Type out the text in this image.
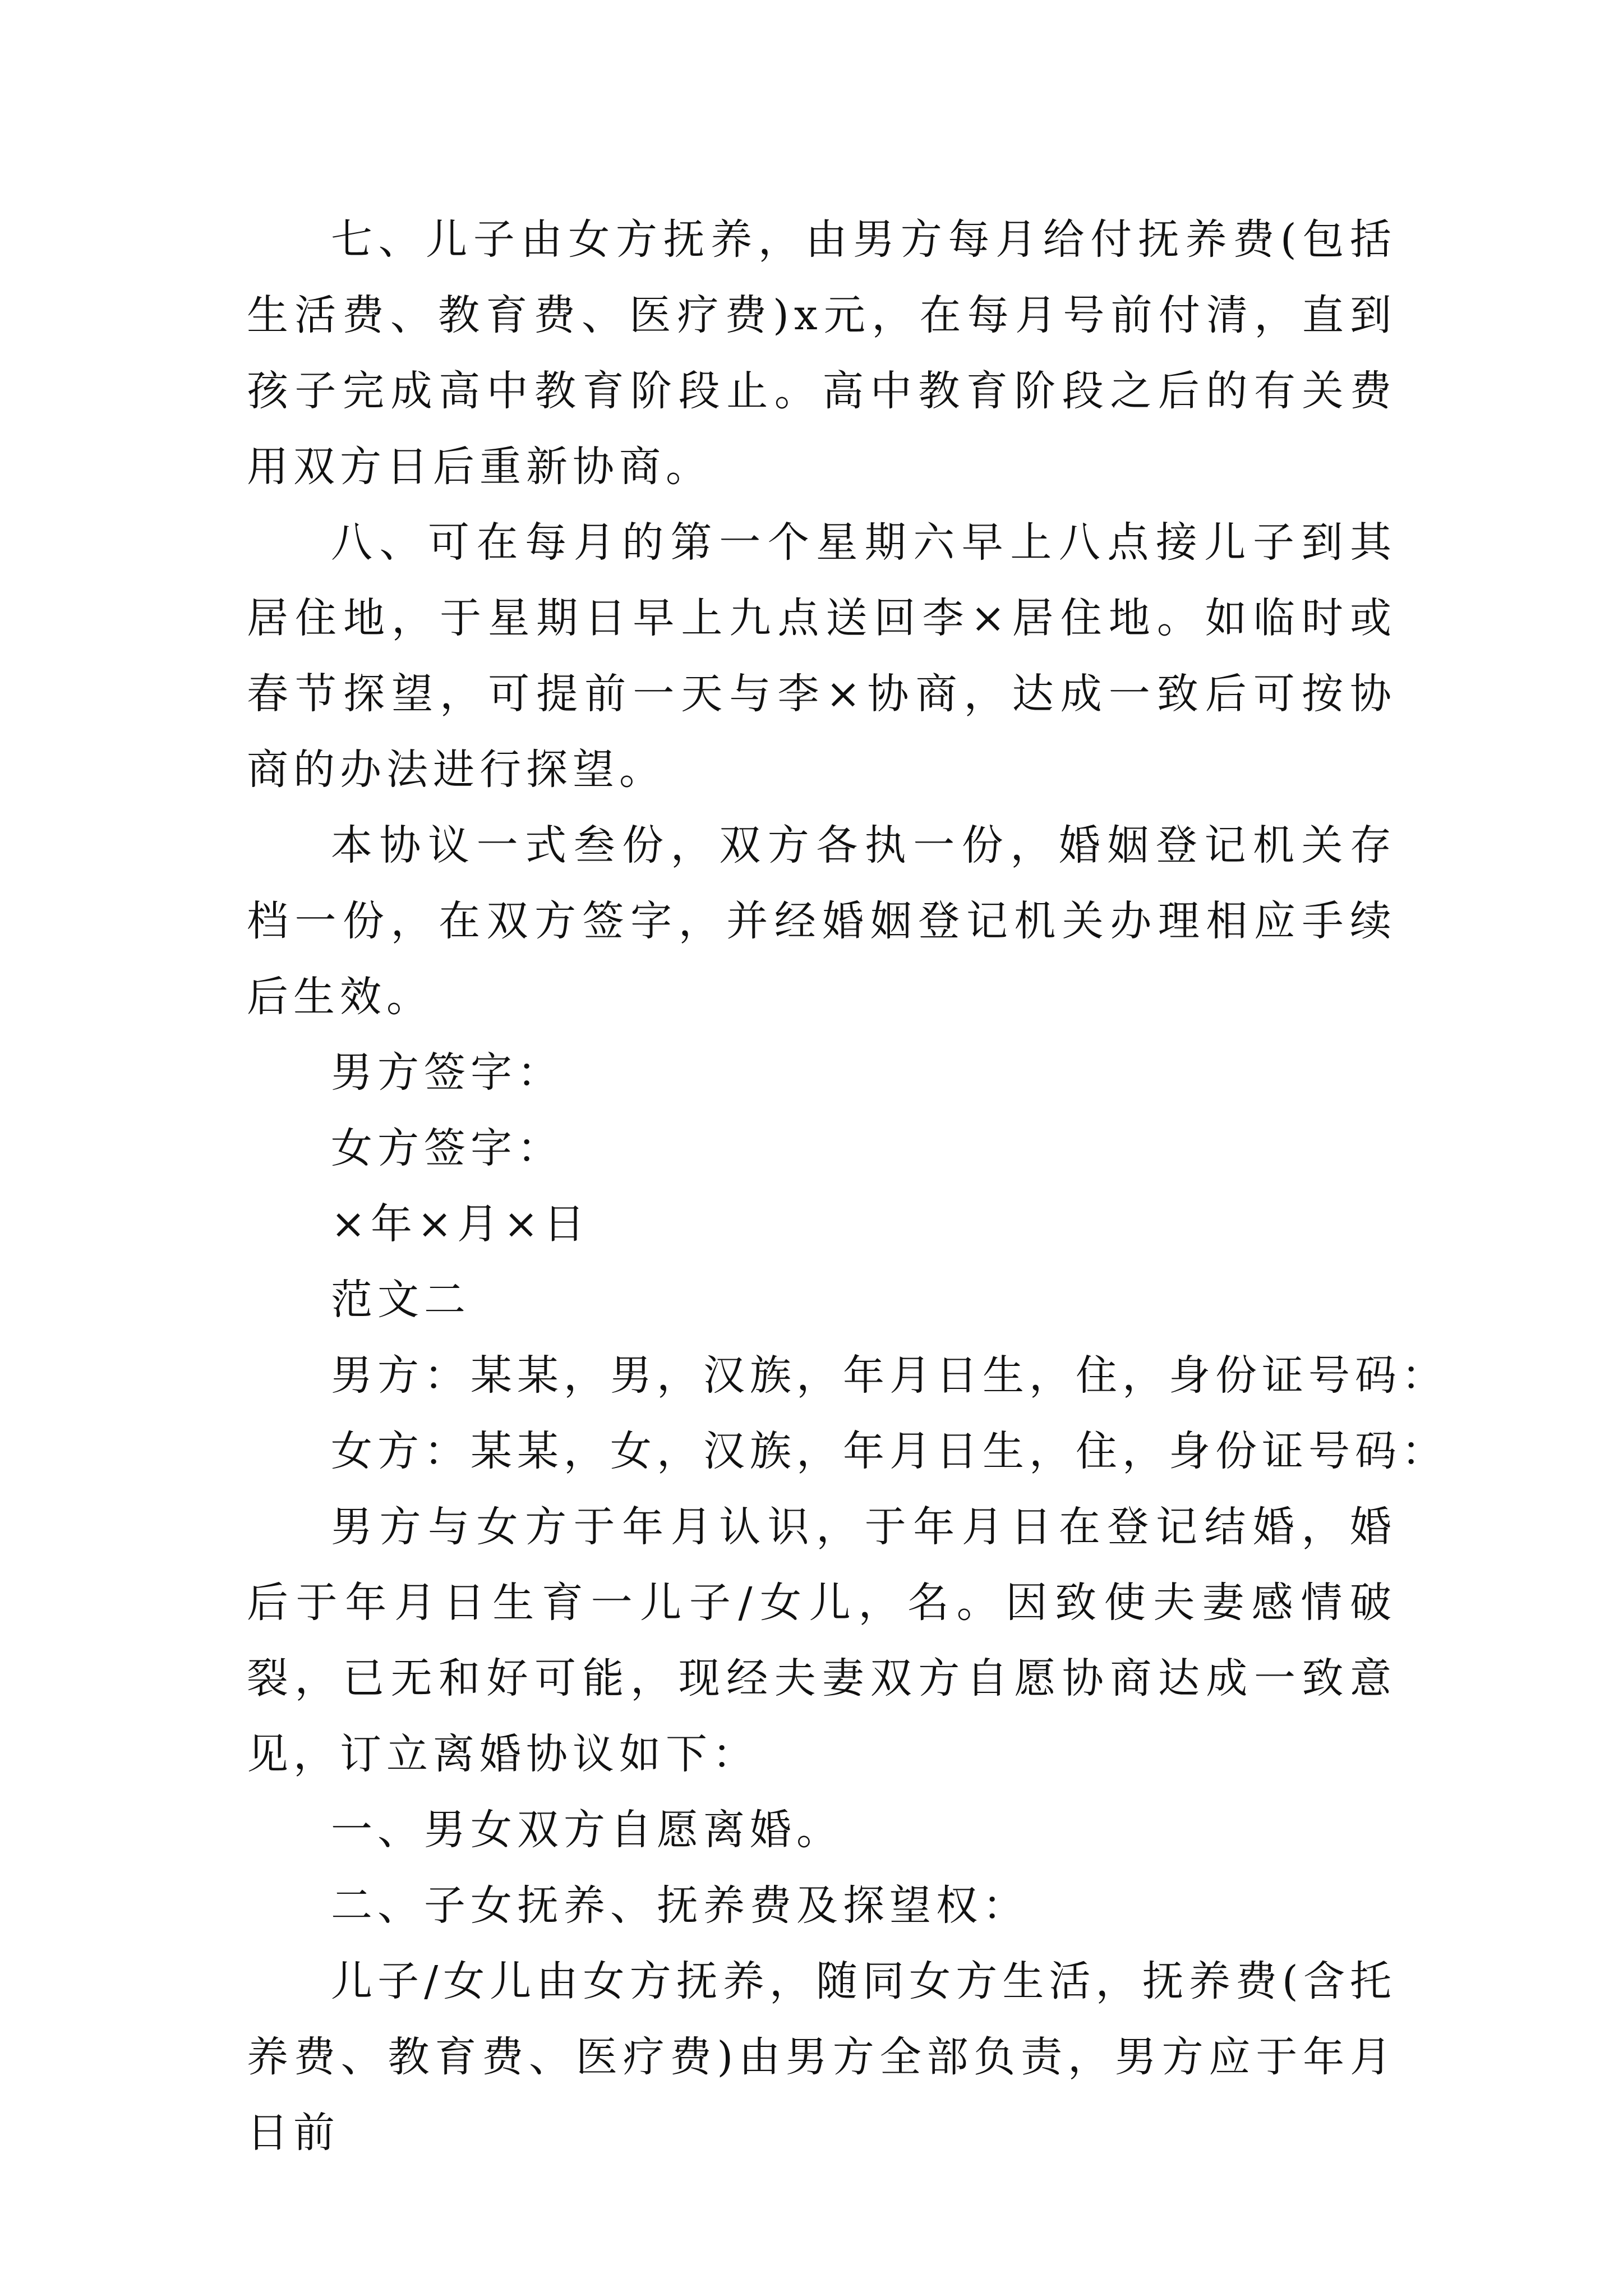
七、儿子由女方抚养，由男方每月给付抚养费(包括生活费、教育费、医疗费)x元，在每月号前付清，直到孩子完成高中教育阶段止。高中教育阶段之后的有关费用双方日后重新协商。

八、可在每月的第一个星期六早上八点接儿子到其居住地，于星期日早上九点送回李×居住地。如临时或春节探望，可提前一天与李×协商，达成一致后可按协商的办法进行探望。

本协议一式叁份，双方各执一份，婚姻登记机关存档一份，在双方签字，并经婚姻登记机关办理相应手续后生效。

男方签字：

女方签字：

×年×月×日

范文二

男方：某某，男，汉族，年月日生，住，身份证号码：

女方：某某，女，汉族，年月日生，住，身份证号码：

男方与女方于年月认识，于年月日在登记结婚，婚后于年月日生育一儿子/女儿，名。因致使夫妻感情破裂，已无和好可能，现经夫妻双方自愿协商达成一致意见，订立离婚协议如下：

一、男女双方自愿离婚。

二、子女抚养、抚养费及探望权：

儿子/女儿由女方抚养，随同女方生活，抚养费(含托养费、教育费、医疗费)由男方全部负责，男方应于年月日前
